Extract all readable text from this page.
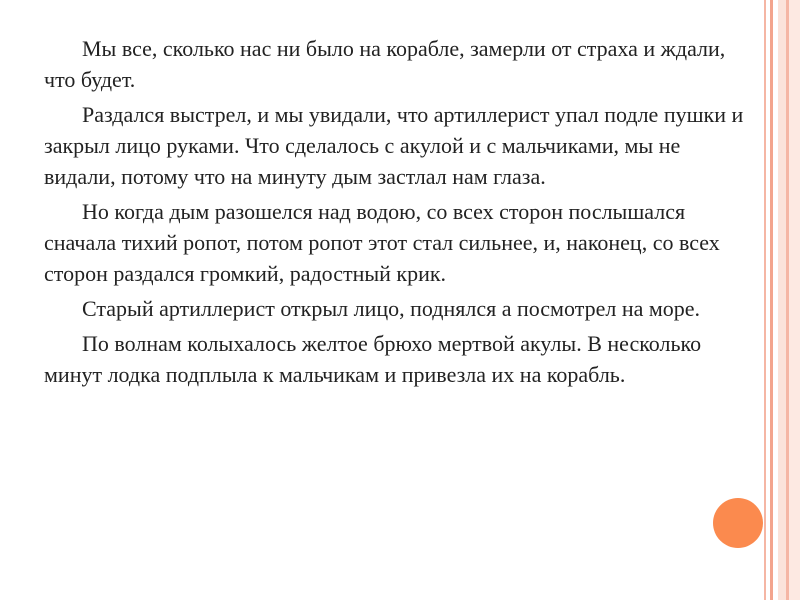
Мы все, сколько нас ни было на корабле, замерли от страха и ждали, что будет.

Раздался выстрел, и мы увидали, что артиллерист упал подле пушки и закрыл лицо руками. Что сделалось с акулой и с мальчиками, мы не видали, потому что на минуту дым застлал нам глаза.

Но когда дым разошелся над водою, со всех сторон послышался сначала тихий ропот, потом ропот этот стал сильнее, и, наконец, со всех сторон раздался громкий, радостный крик.

Старый артиллерист открыл лицо, поднялся а посмотрел на море.

По волнам колыхалось желтое брюхо мертвой акулы. В несколько минут лодка подплыла к мальчикам и привезла их на корабль.
